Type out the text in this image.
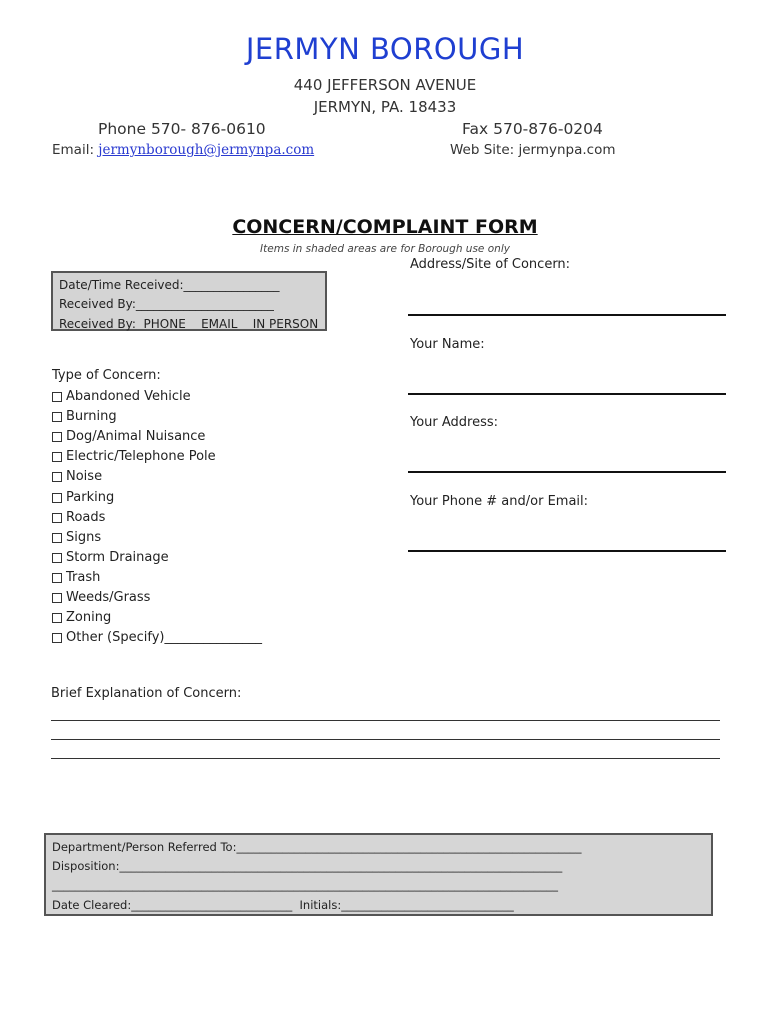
JERMYN BOROUGH
440 JEFFERSON AVENUE
JERMYN, PA. 18433
Phone 570- 876-0610	Fax 570-876-0204
Email: jermynborough@jermynpa.com	Web Site: jermynpa.com
CONCERN/COMPLAINT FORM
Items in shaded areas are for Borough use only
Date/Time Received:________________
Received By:_______________________
Received By:  PHONE    EMAIL    IN PERSON
Address/Site of Concern:
Your Name:
Your Address:
Your Phone # and/or Email:
Type of Concern:
Abandoned Vehicle
Burning
Dog/Animal Nuisance
Electric/Telephone Pole
Noise
Parking
Roads
Signs
Storm Drainage
Trash
Weeds/Grass
Zoning
Other (Specify)_______________
Brief Explanation of Concern:
Department/Person Referred To:____________________________________________________________
Disposition:_____________________________________________________________________________
________________________________________________________________________________________
Date Cleared:____________________________  Initials:______________________________
